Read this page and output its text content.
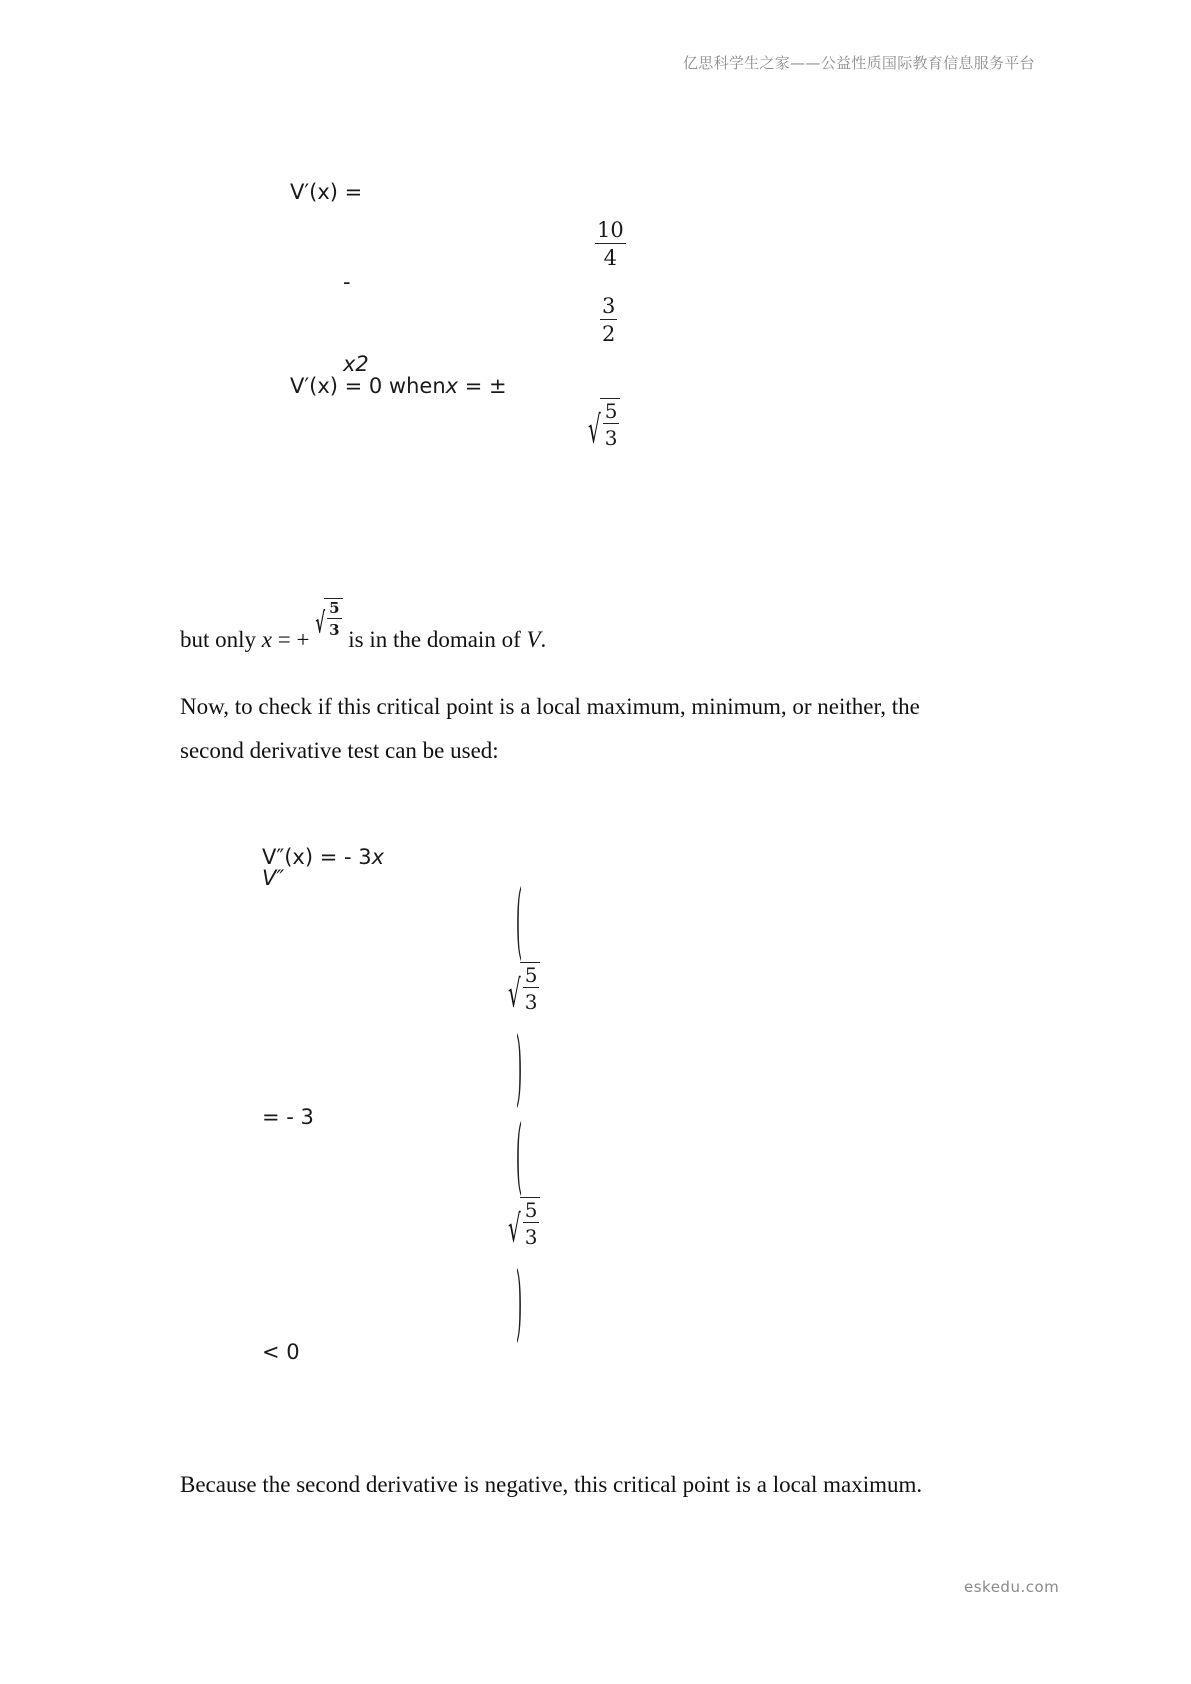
亿思科学生之家——公益性质国际教育信息服务平台
V′(x) =
-
$\frac{10}{4}$
$\frac{3}{2}$
x2
V′(x) = 0 whenx = ±
√ $\frac{5}{3}$
but only x = + √ $\frac{5}{3}$
is in the domain of V.
Now, to check if this critical point is a local maximum, minimum, or neither, the
second derivative test can be used:
V″(x) = - 3x
V″	(
√ $\frac{5}{3}$
)
= - 3	(
√ $\frac{5}{3}$
)
< 0
Because the second derivative is negative, this critical point is a local maximum.
eskedu.com
